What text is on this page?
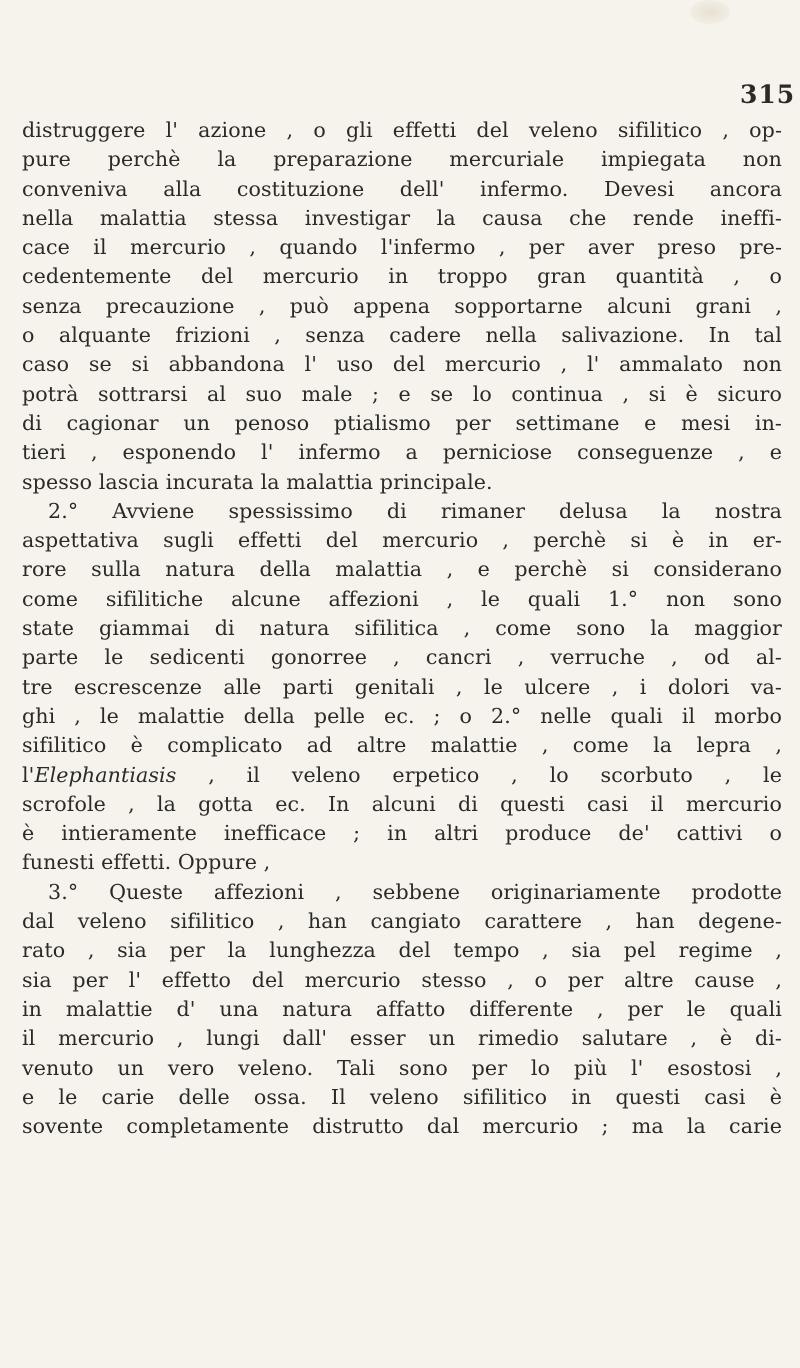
315
distruggere l' azione , o gli effetti del veleno sifilitico , op-
pure perchè la preparazione mercuriale impiegata non
conveniva alla costituzione dell' infermo. Devesi ancora
nella malattia stessa investigar la causa che rende ineffi-
cace il mercurio , quando l'infermo , per aver preso pre-
cedentemente del mercurio in troppo gran quantità , o
senza precauzione , può appena sopportarne alcuni grani ,
o alquante frizioni , senza cadere nella salivazione. In tal
caso se si abbandona l' uso del mercurio , l' ammalato non
potrà sottrarsi al suo male ; e se lo continua , si è sicuro
di cagionar un penoso ptialismo per settimane e mesi in-
tieri , esponendo l' infermo a perniciose conseguenze , e
spesso lascia incurata la malattia principale.
2.° Avviene spessissimo di rimaner delusa la nostra
aspettativa sugli effetti del mercurio , perchè si è in er-
rore sulla natura della malattia , e perchè si considerano
come sifilitiche alcune affezioni , le quali 1.° non sono
state giammai di natura sifilitica , come sono la maggior
parte le sedicenti gonorree , cancri , verruche , od al-
tre escrescenze alle parti genitali , le ulcere , i dolori va-
ghi , le malattie della pelle ec. ; o 2.° nelle quali il morbo
sifilitico è complicato ad altre malattie , come la lepra ,
l'Elephantiasis , il veleno erpetico , lo scorbuto , le
scrofole , la gotta ec. In alcuni di questi casi il mercurio
è intieramente inefficace ; in altri produce de' cattivi o
funesti effetti. Oppure ,
3.° Queste affezioni , sebbene originariamente prodotte
dal veleno sifilitico , han cangiato carattere , han degene-
rato , sia per la lunghezza del tempo , sia pel regime ,
sia per l' effetto del mercurio stesso , o per altre cause ,
in malattie d' una natura affatto differente , per le quali
il mercurio , lungi dall' esser un rimedio salutare , è di-
venuto un vero veleno. Tali sono per lo più l' esostosi ,
e le carie delle ossa. Il veleno sifilitico in questi casi è
sovente completamente distrutto dal mercurio ; ma la carie
